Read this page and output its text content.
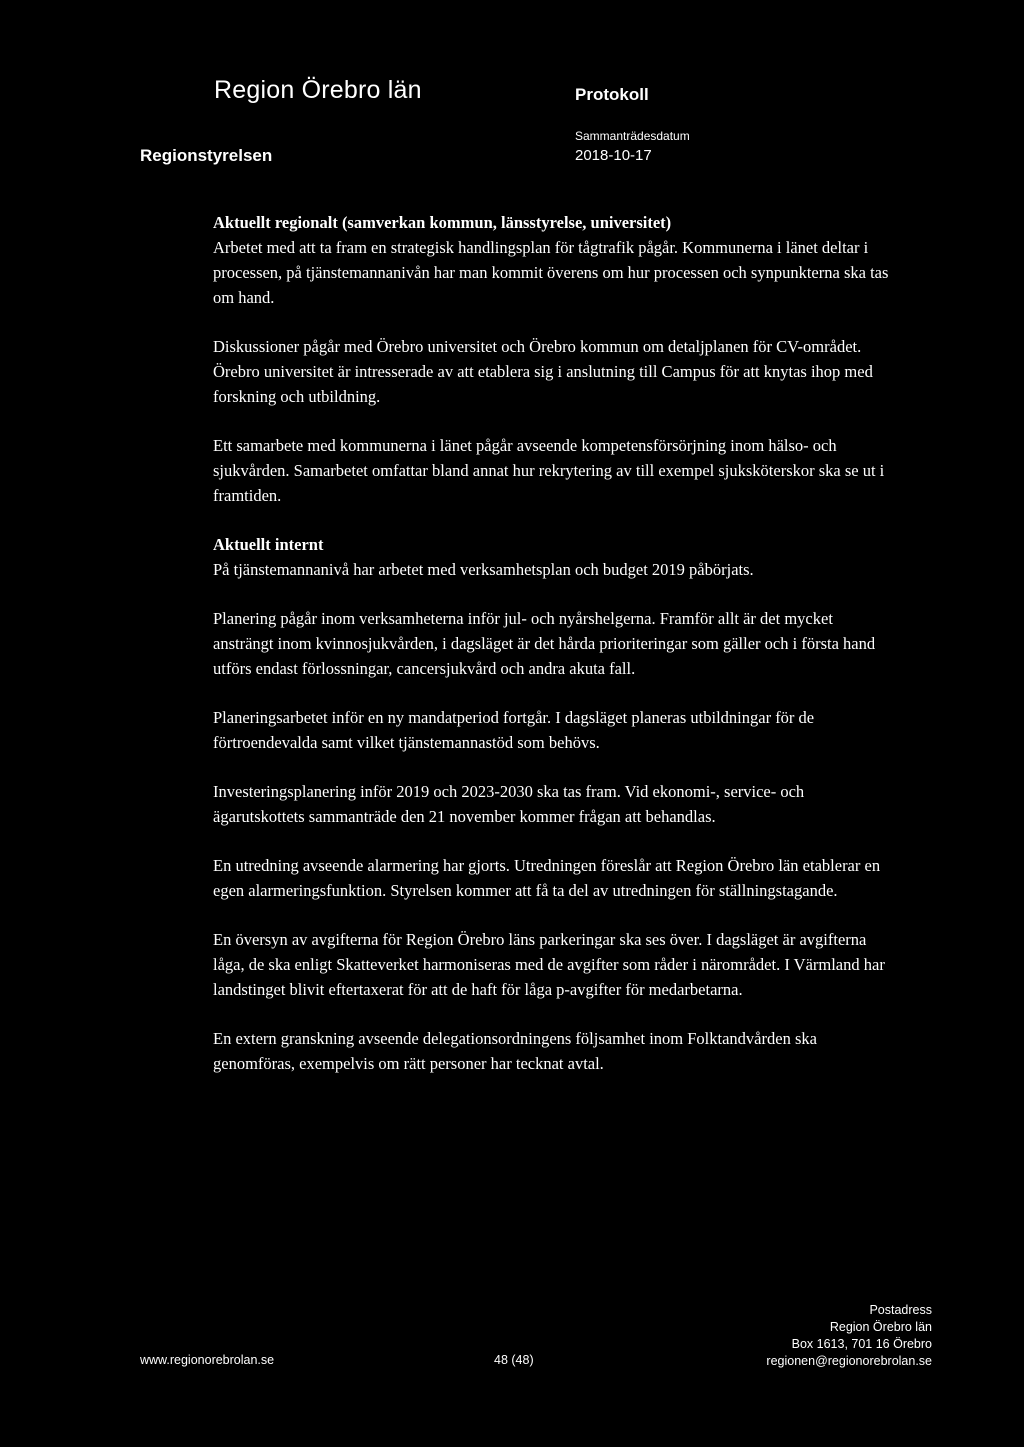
Region Örebro län	Protokoll
Regionstyrelsen
Sammanträdesdatum
2018-10-17
Aktuellt regionalt (samverkan kommun, länsstyrelse, universitet)

Arbetet med att ta fram en strategisk handlingsplan för tågtrafik pågår. Kommunerna i länet deltar i processen, på tjänstemannanivån har man kommit överens om hur processen och synpunkterna ska tas om hand.

Diskussioner pågår med Örebro universitet och Örebro kommun om detaljplanen för CV-området. Örebro universitet är intresserade av att etablera sig i anslutning till Campus för att knytas ihop med forskning och utbildning.

Ett samarbete med kommunerna i länet pågår avseende kompetensförsörjning inom hälso- och sjukvården. Samarbetet omfattar bland annat hur rekrytering av till exempel sjuksköterskor ska se ut i framtiden.

Aktuellt internt

På tjänstemannanivå har arbetet med verksamhetsplan och budget 2019 påbörjats.

Planering pågår inom verksamheterna inför jul- och nyårshelgerna. Framför allt är det mycket ansträngt inom kvinnosjukvården, i dagsläget är det hårda prioriteringar som gäller och i första hand utförs endast förlossningar, cancersjukvård och andra akuta fall.

Planeringsarbetet inför en ny mandatperiod fortgår. I dagsläget planeras utbildningar för de förtroendevalda samt vilket tjänstemannastöd som behövs.

Investeringsplanering inför 2019 och 2023-2030 ska tas fram. Vid ekonomi-, service- och ägarutskottets sammanträde den 21 november kommer frågan att behandlas.

En utredning avseende alarmering har gjorts. Utredningen föreslår att Region Örebro län etablerar en egen alarmeringsfunktion. Styrelsen kommer att få ta del av utredningen för ställningstagande.

En översyn av avgifterna för Region Örebro läns parkeringar ska ses över. I dagsläget är avgifterna låga, de ska enligt Skatteverket harmoniseras med de avgifter som råder i närområdet. I Värmland har landstinget blivit eftertaxerat för att de haft för låga p-avgifter för medarbetarna.

En extern granskning avseende delegationsordningens följsamhet inom Folktandvården ska genomföras, exempelvis om rätt personer har tecknat avtal.

www.regionorebrolan.se	48 (48)
Postadress
Region Örebro län
Box 1613, 701 16 Örebro
regionen@regionorebrolan.se
